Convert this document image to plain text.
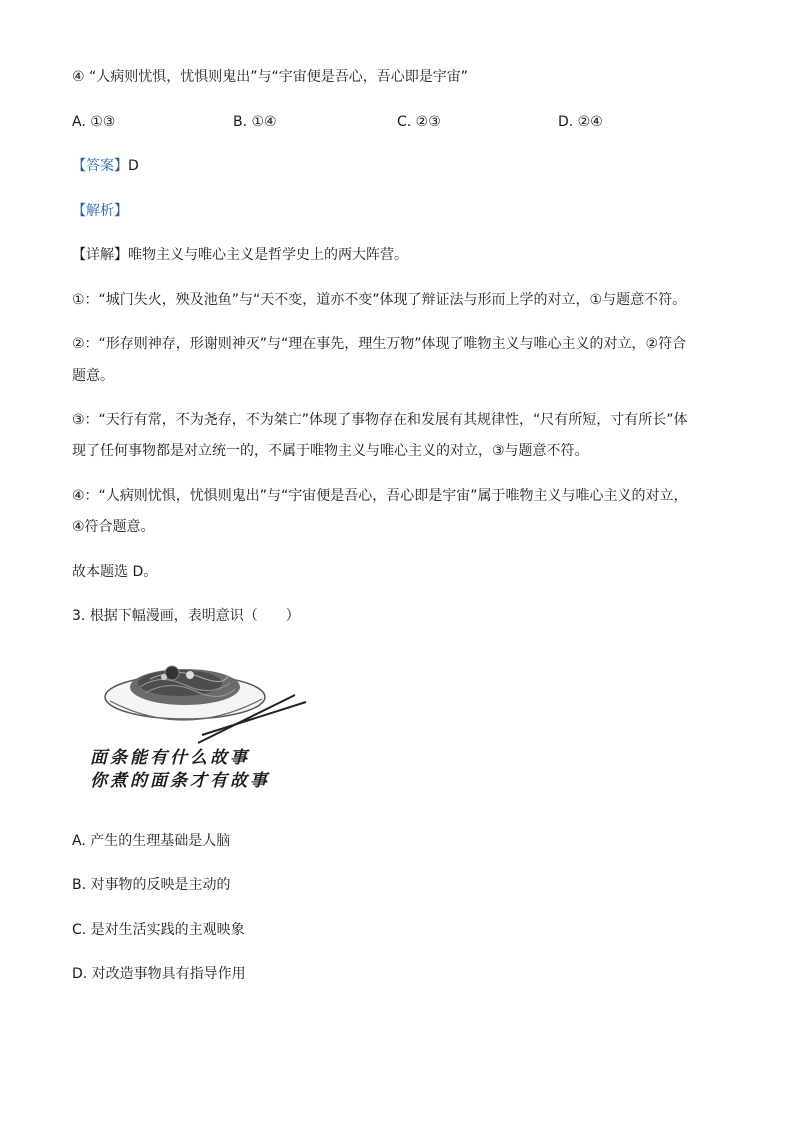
④ “人病则忧惧，忧惧则鬼出”与“宇宙便是吾心，吾心即是宇宙”
A. ①③	B. ①④	C. ②③	D. ②④
【答案】D
【解析】
【详解】唯物主义与唯心主义是哲学史上的两大阵营。
①：“城门失火，殃及池鱼”与“天不变，道亦不变”体现了辩证法与形而上学的对立，①与题意不符。
②：“形存则神存，形谢则神灭”与“理在事先，理生万物”体现了唯物主义与唯心主义的对立，②符合
题意。
③：“天行有常，不为尧存，不为桀亡”体现了事物存在和发展有其规律性，“尺有所短，寸有所长”体
现了任何事物都是对立统一的，不属于唯物主义与唯心主义的对立，③与题意不符。
④：“人病则忧惧，忧惧则鬼出”与“宇宙便是吾心，吾心即是宇宙”属于唯物主义与唯心主义的对立，
④符合题意。
故本题选 D。
3. 根据下幅漫画，表明意识（　　）
面条能有什么故事
你煮的面条才有故事
A. 产生的生理基础是人脑
B. 对事物的反映是主动的
C. 是对生活实践的主观映象
D. 对改造事物具有指导作用
